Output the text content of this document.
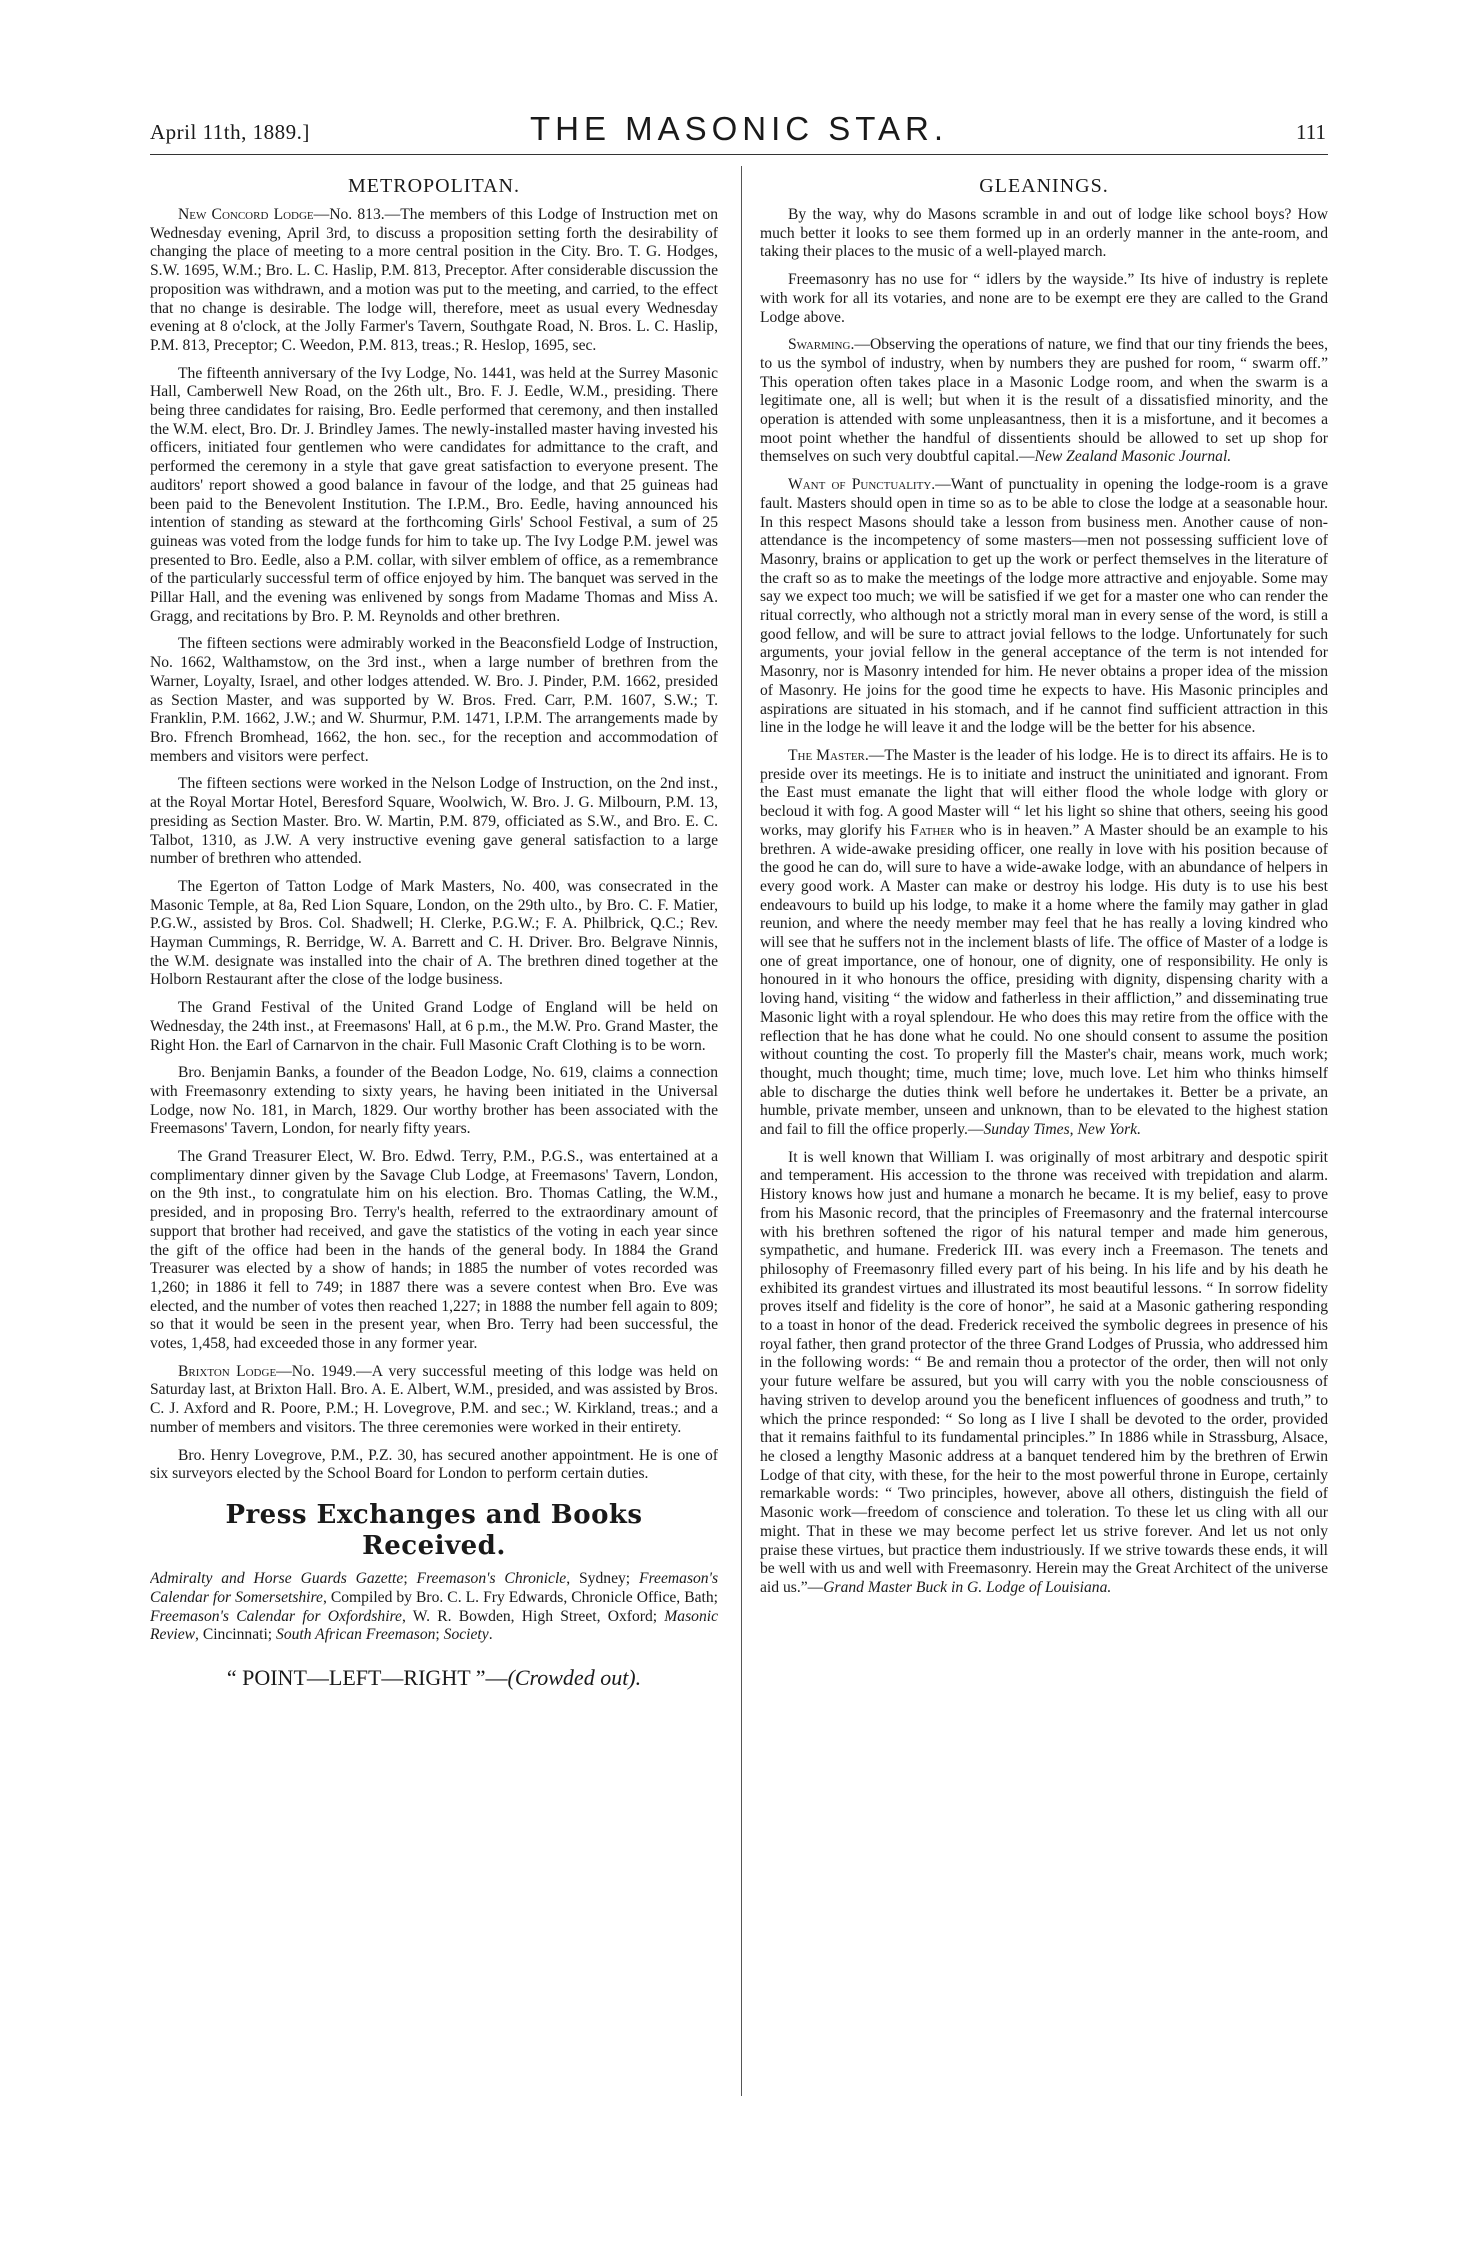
April 11th, 1889.]	THE MASONIC STAR.	111
METROPOLITAN.

New Concord Lodge—No. 813.—The members of this Lodge of Instruction met on Wednesday evening, April 3rd, to discuss a proposition setting forth the desirability of changing the place of meeting to a more central position in the City. Bro. T. G. Hodges, S.W. 1695, W.M.; Bro. L. C. Haslip, P.M. 813, Preceptor. After considerable discussion the proposition was withdrawn, and a motion was put to the meeting, and carried, to the effect that no change is desirable. The lodge will, therefore, meet as usual every Wednesday evening at 8 o'clock, at the Jolly Farmer's Tavern, Southgate Road, N. Bros. L. C. Haslip, P.M. 813, Preceptor; C. Weedon, P.M. 813, treas.; R. Heslop, 1695, sec.

The fifteenth anniversary of the Ivy Lodge, No. 1441, was held at the Surrey Masonic Hall, Camberwell New Road, on the 26th ult., Bro. F. J. Eedle, W.M., presiding. There being three candidates for raising, Bro. Eedle performed that ceremony, and then installed the W.M. elect, Bro. Dr. J. Brindley James. The newly-installed master having invested his officers, initiated four gentlemen who were candidates for admittance to the craft, and performed the ceremony in a style that gave great satisfaction to everyone present. The auditors' report showed a good balance in favour of the lodge, and that 25 guineas had been paid to the Benevolent Institution. The I.P.M., Bro. Eedle, having announced his intention of standing as steward at the forthcoming Girls' School Festival, a sum of 25 guineas was voted from the lodge funds for him to take up. The Ivy Lodge P.M. jewel was presented to Bro. Eedle, also a P.M. collar, with silver emblem of office, as a remembrance of the particularly successful term of office enjoyed by him. The banquet was served in the Pillar Hall, and the evening was enlivened by songs from Madame Thomas and Miss A. Gragg, and recitations by Bro. P. M. Reynolds and other brethren.

The fifteen sections were admirably worked in the Beaconsfield Lodge of Instruction, No. 1662, Walthamstow, on the 3rd inst., when a large number of brethren from the Warner, Loyalty, Israel, and other lodges attended. W. Bro. J. Pinder, P.M. 1662, presided as Section Master, and was supported by W. Bros. Fred. Carr, P.M. 1607, S.W.; T. Franklin, P.M. 1662, J.W.; and W. Shurmur, P.M. 1471, I.P.M. The arrangements made by Bro. Ffrench Bromhead, 1662, the hon. sec., for the reception and accommodation of members and visitors were perfect.

The fifteen sections were worked in the Nelson Lodge of Instruction, on the 2nd inst., at the Royal Mortar Hotel, Beresford Square, Woolwich, W. Bro. J. G. Milbourn, P.M. 13, presiding as Section Master. Bro. W. Martin, P.M. 879, officiated as S.W., and Bro. E. C. Talbot, 1310, as J.W. A very instructive evening gave general satisfaction to a large number of brethren who attended.

The Egerton of Tatton Lodge of Mark Masters, No. 400, was consecrated in the Masonic Temple, at 8a, Red Lion Square, London, on the 29th ulto., by Bro. C. F. Matier, P.G.W., assisted by Bros. Col. Shadwell; H. Clerke, P.G.W.; F. A. Philbrick, Q.C.; Rev. Hayman Cummings, R. Berridge, W. A. Barrett and C. H. Driver. Bro. Belgrave Ninnis, the W.M. designate was installed into the chair of A. The brethren dined together at the Holborn Restaurant after the close of the lodge business.

The Grand Festival of the United Grand Lodge of England will be held on Wednesday, the 24th inst., at Freemasons' Hall, at 6 p.m., the M.W. Pro. Grand Master, the Right Hon. the Earl of Carnarvon in the chair. Full Masonic Craft Clothing is to be worn.

Bro. Benjamin Banks, a founder of the Beadon Lodge, No. 619, claims a connection with Freemasonry extending to sixty years, he having been initiated in the Universal Lodge, now No. 181, in March, 1829. Our worthy brother has been associated with the Freemasons' Tavern, London, for nearly fifty years.

The Grand Treasurer Elect, W. Bro. Edwd. Terry, P.M., P.G.S., was entertained at a complimentary dinner given by the Savage Club Lodge, at Freemasons' Tavern, London, on the 9th inst., to congratulate him on his election. Bro. Thomas Catling, the W.M., presided, and in proposing Bro. Terry's health, referred to the extraordinary amount of support that brother had received, and gave the statistics of the voting in each year since the gift of the office had been in the hands of the general body. In 1884 the Grand Treasurer was elected by a show of hands; in 1885 the number of votes recorded was 1,260; in 1886 it fell to 749; in 1887 there was a severe contest when Bro. Eve was elected, and the number of votes then reached 1,227; in 1888 the number fell again to 809; so that it would be seen in the present year, when Bro. Terry had been successful, the votes, 1,458, had exceeded those in any former year.

Brixton Lodge—No. 1949.—A very successful meeting of this lodge was held on Saturday last, at Brixton Hall. Bro. A. E. Albert, W.M., presided, and was assisted by Bros. C. J. Axford and R. Poore, P.M.; H. Lovegrove, P.M. and sec.; W. Kirkland, treas.; and a number of members and visitors. The three ceremonies were worked in their entirety.

Bro. Henry Lovegrove, P.M., P.Z. 30, has secured another appointment. He is one of six surveyors elected by the School Board for London to perform certain duties.

Press Exchanges and Books Received.

Admiralty and Horse Guards Gazette; Freemason's Chronicle, Sydney; Freemason's Calendar for Somersetshire, Compiled by Bro. C. L. Fry Edwards, Chronicle Office, Bath; Freemason's Calendar for Oxfordshire, W. R. Bowden, High Street, Oxford; Masonic Review, Cincinnati; South African Freemason; Society.

“ POINT—LEFT—RIGHT ”—(Crowded out).

GLEANINGS.

By the way, why do Masons scramble in and out of lodge like school boys? How much better it looks to see them formed up in an orderly manner in the ante-room, and taking their places to the music of a well-played march.

Freemasonry has no use for “ idlers by the wayside.” Its hive of industry is replete with work for all its votaries, and none are to be exempt ere they are called to the Grand Lodge above.

Swarming.—Observing the operations of nature, we find that our tiny friends the bees, to us the symbol of industry, when by numbers they are pushed for room, “ swarm off.” This operation often takes place in a Masonic Lodge room, and when the swarm is a legitimate one, all is well; but when it is the result of a dissatisfied minority, and the operation is attended with some unpleasantness, then it is a misfortune, and it becomes a moot point whether the handful of dissentients should be allowed to set up shop for themselves on such very doubtful capital.—New Zealand Masonic Journal.

Want of Punctuality.—Want of punctuality in opening the lodge-room is a grave fault. Masters should open in time so as to be able to close the lodge at a seasonable hour. In this respect Masons should take a lesson from business men. Another cause of non-attendance is the incompetency of some masters—men not possessing sufficient love of Masonry, brains or application to get up the work or perfect themselves in the literature of the craft so as to make the meetings of the lodge more attractive and enjoyable. Some may say we expect too much; we will be satisfied if we get for a master one who can render the ritual correctly, who although not a strictly moral man in every sense of the word, is still a good fellow, and will be sure to attract jovial fellows to the lodge. Unfortunately for such arguments, your jovial fellow in the general acceptance of the term is not intended for Masonry, nor is Masonry intended for him. He never obtains a proper idea of the mission of Masonry. He joins for the good time he expects to have. His Masonic principles and aspirations are situated in his stomach, and if he cannot find sufficient attraction in this line in the lodge he will leave it and the lodge will be the better for his absence.

The Master.—The Master is the leader of his lodge. He is to direct its affairs. He is to preside over its meetings. He is to initiate and instruct the uninitiated and ignorant. From the East must emanate the light that will either flood the whole lodge with glory or becloud it with fog. A good Master will “ let his light so shine that others, seeing his good works, may glorify his Father who is in heaven.” A Master should be an example to his brethren. A wide-awake presiding officer, one really in love with his position because of the good he can do, will sure to have a wide-awake lodge, with an abundance of helpers in every good work. A Master can make or destroy his lodge. His duty is to use his best endeavours to build up his lodge, to make it a home where the family may gather in glad reunion, and where the needy member may feel that he has really a loving kindred who will see that he suffers not in the inclement blasts of life. The office of Master of a lodge is one of great importance, one of honour, one of dignity, one of responsibility. He only is honoured in it who honours the office, presiding with dignity, dispensing charity with a loving hand, visiting “ the widow and fatherless in their affliction,” and disseminating true Masonic light with a royal splendour. He who does this may retire from the office with the reflection that he has done what he could. No one should consent to assume the position without counting the cost. To properly fill the Master's chair, means work, much work; thought, much thought; time, much time; love, much love. Let him who thinks himself able to discharge the duties think well before he undertakes it. Better be a private, an humble, private member, unseen and unknown, than to be elevated to the highest station and fail to fill the office properly.—Sunday Times, New York.

It is well known that William I. was originally of most arbitrary and despotic spirit and temperament. His accession to the throne was received with trepidation and alarm. History knows how just and humane a monarch he became. It is my belief, easy to prove from his Masonic record, that the principles of Freemasonry and the fraternal intercourse with his brethren softened the rigor of his natural temper and made him generous, sympathetic, and humane. Frederick III. was every inch a Freemason. The tenets and philosophy of Freemasonry filled every part of his being. In his life and by his death he exhibited its grandest virtues and illustrated its most beautiful lessons. “ In sorrow fidelity proves itself and fidelity is the core of honor”, he said at a Masonic gathering responding to a toast in honor of the dead. Frederick received the symbolic degrees in presence of his royal father, then grand protector of the three Grand Lodges of Prussia, who addressed him in the following words: “ Be and remain thou a protector of the order, then will not only your future welfare be assured, but you will carry with you the noble consciousness of having striven to develop around you the beneficent influences of goodness and truth,” to which the prince responded: “ So long as I live I shall be devoted to the order, provided that it remains faithful to its fundamental principles.” In 1886 while in Strassburg, Alsace, he closed a lengthy Masonic address at a banquet tendered him by the brethren of Erwin Lodge of that city, with these, for the heir to the most powerful throne in Europe, certainly remarkable words: “ Two principles, however, above all others, distinguish the field of Masonic work—freedom of conscience and toleration. To these let us cling with all our might. That in these we may become perfect let us strive forever. And let us not only praise these virtues, but practice them industriously. If we strive towards these ends, it will be well with us and well with Freemasonry. Herein may the Great Architect of the universe aid us.”—Grand Master Buck in G. Lodge of Louisiana.
